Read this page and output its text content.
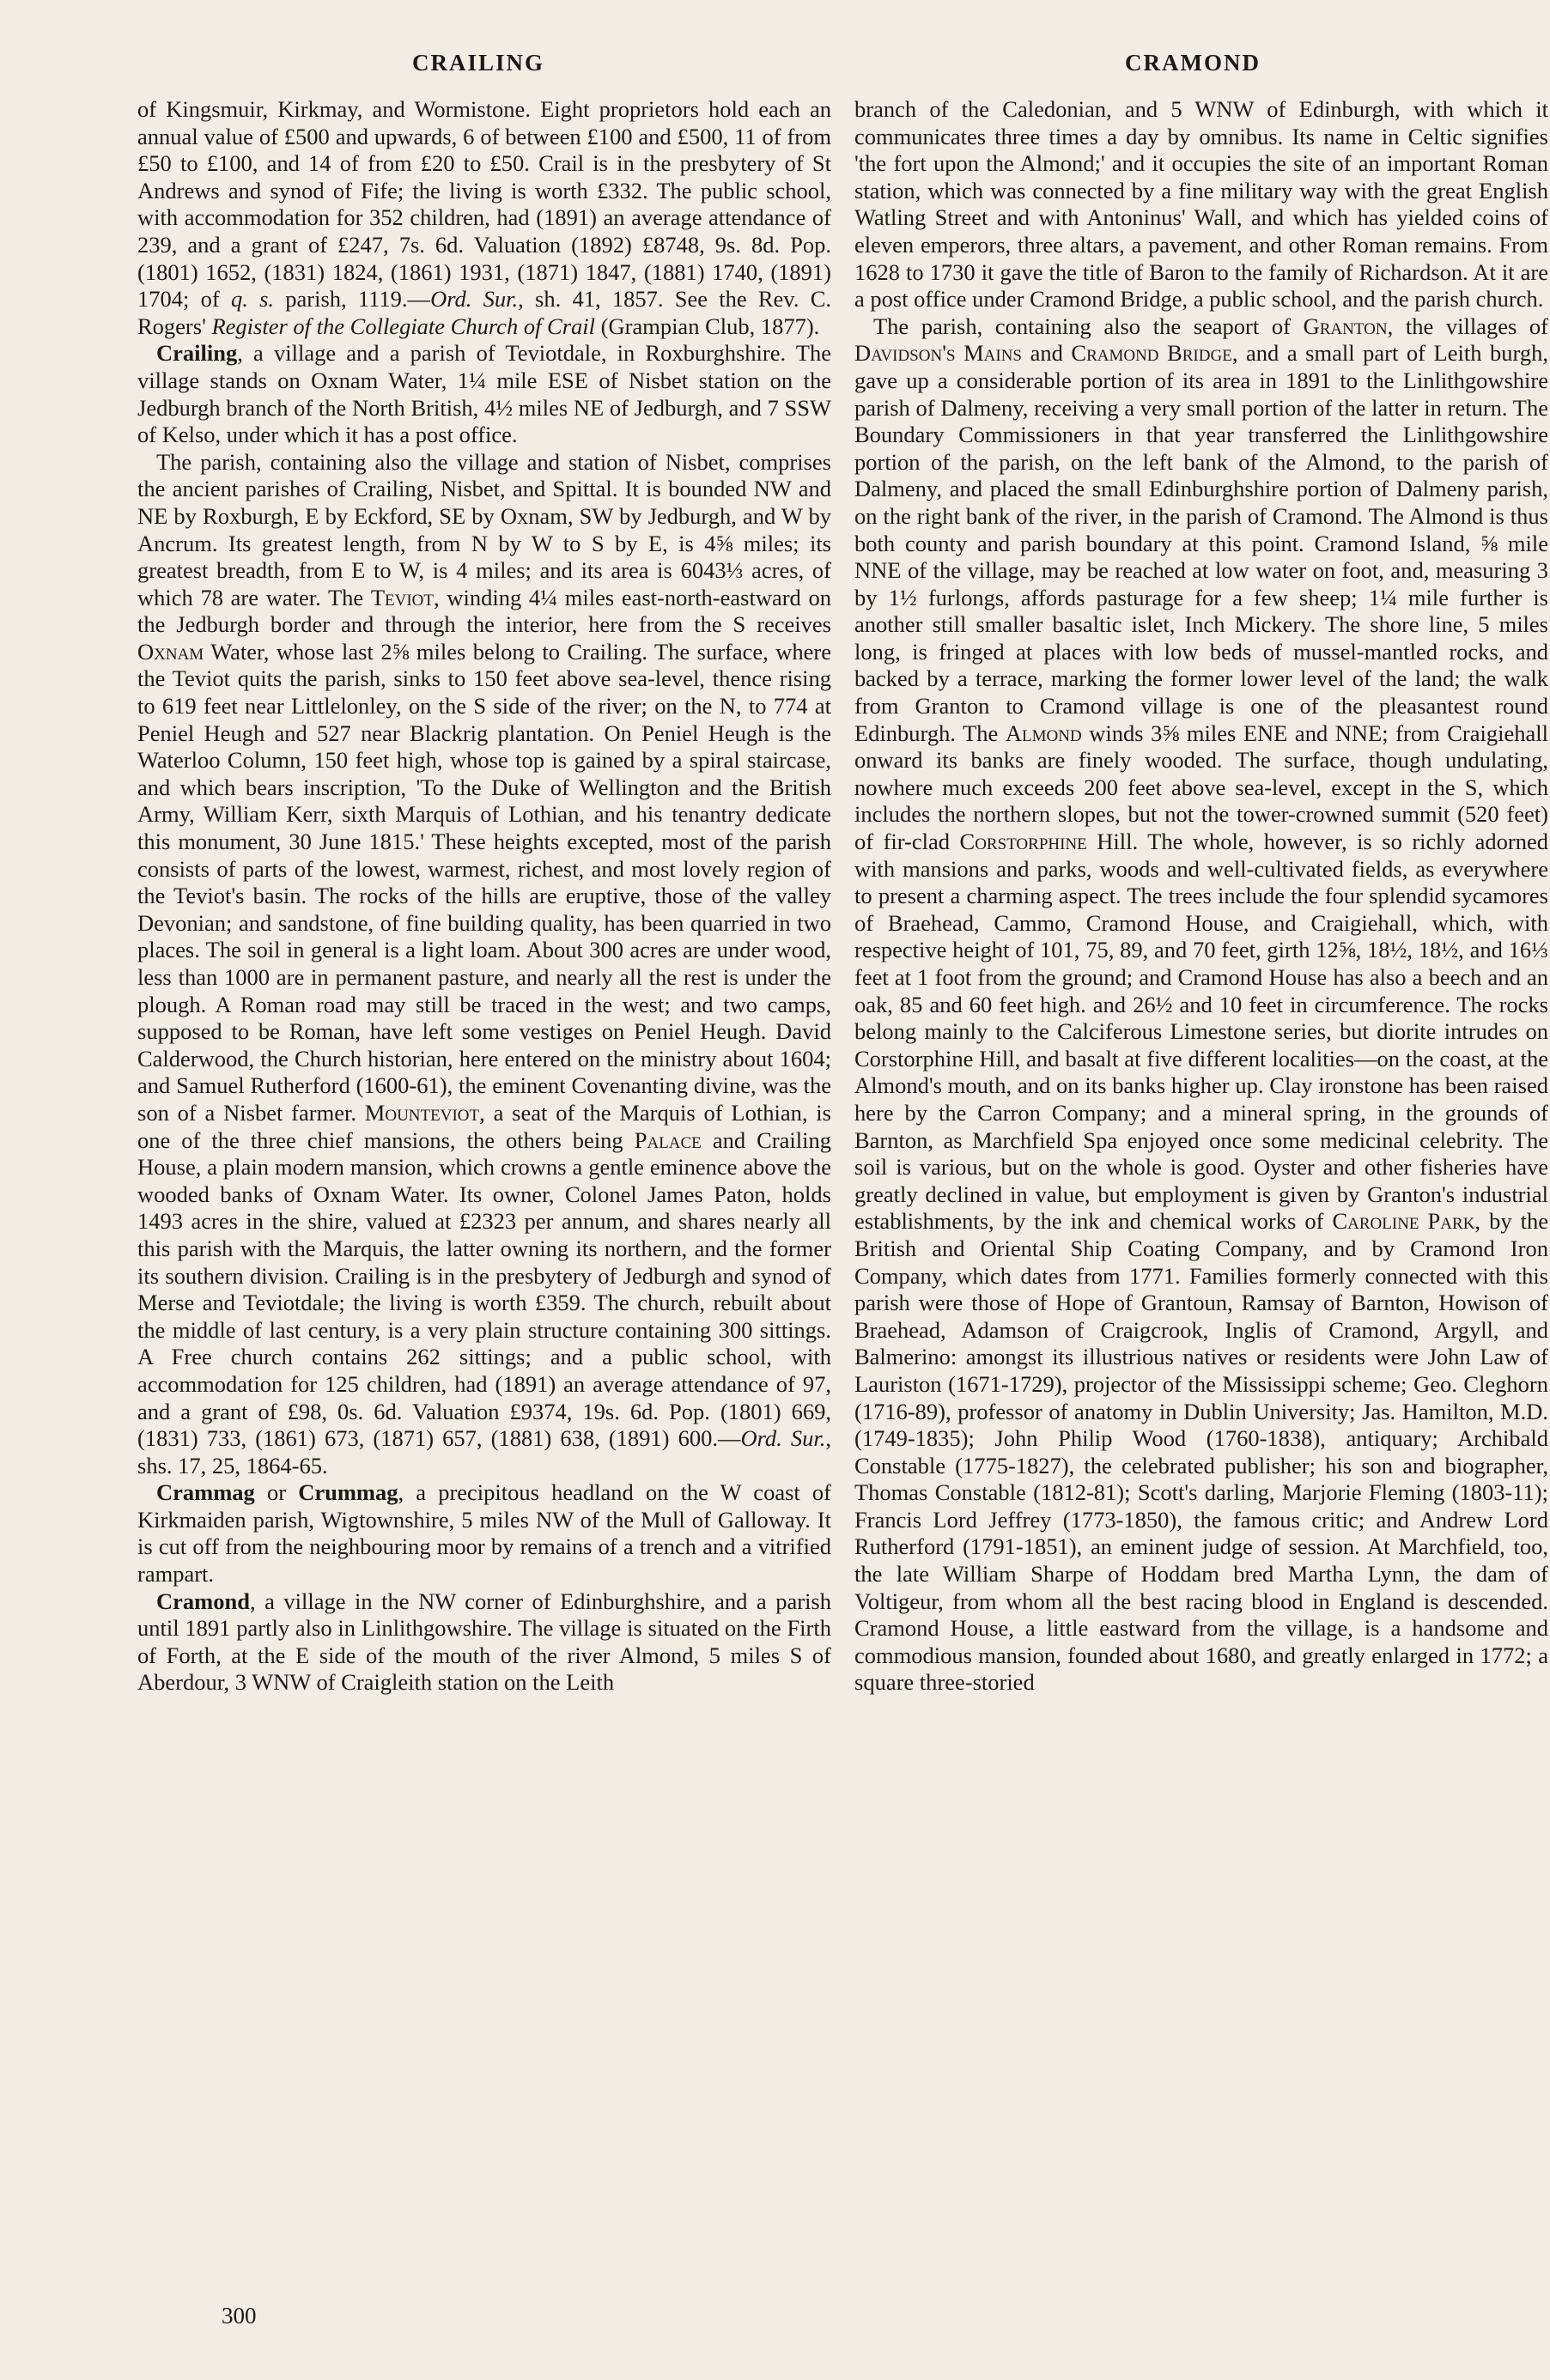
CRAILING	CRAMOND

of Kingsmuir, Kirkmay, and Wormistone. Eight proprietors hold each an annual value of £500 and upwards, 6 of between £100 and £500, 11 of from £50 to £100, and 14 of from £20 to £50. Crail is in the presbytery of St Andrews and synod of Fife; the living is worth £332. The public school, with accommodation for 352 children, had (1891) an average attendance of 239, and a grant of £247, 7s. 6d. Valuation (1892) £8748, 9s. 8d. Pop. (1801) 1652, (1831) 1824, (1861) 1931, (1871) 1847, (1881) 1740, (1891) 1704; of q. s. parish, 1119.—Ord. Sur., sh. 41, 1857. See the Rev. C. Rogers' Register of the Collegiate Church of Crail (Grampian Club, 1877).

Crailing, a village and a parish of Teviotdale, in Roxburghshire. The village stands on Oxnam Water, 1¼ mile ESE of Nisbet station on the Jedburgh branch of the North British, 4½ miles NE of Jedburgh, and 7 SSW of Kelso, under which it has a post office.

The parish, containing also the village and station of Nisbet, comprises the ancient parishes of Crailing, Nisbet, and Spittal. It is bounded NW and NE by Roxburgh, E by Eckford, SE by Oxnam, SW by Jedburgh, and W by Ancrum. Its greatest length, from N by W to S by E, is 4⅝ miles; its greatest breadth, from E to W, is 4 miles; and its area is 6043⅓ acres, of which 78 are water. The Teviot, winding 4¼ miles east-north-eastward on the Jedburgh border and through the interior, here from the S receives Oxnam Water, whose last 2⅝ miles belong to Crailing. The surface, where the Teviot quits the parish, sinks to 150 feet above sea-level, thence rising to 619 feet near Littlelonley, on the S side of the river; on the N, to 774 at Peniel Heugh and 527 near Blackrig plantation. On Peniel Heugh is the Waterloo Column, 150 feet high, whose top is gained by a spiral staircase, and which bears inscription, 'To the Duke of Wellington and the British Army, William Kerr, sixth Marquis of Lothian, and his tenantry dedicate this monument, 30 June 1815.' These heights excepted, most of the parish consists of parts of the lowest, warmest, richest, and most lovely region of the Teviot's basin. The rocks of the hills are eruptive, those of the valley Devonian; and sandstone, of fine building quality, has been quarried in two places. The soil in general is a light loam. About 300 acres are under wood, less than 1000 are in permanent pasture, and nearly all the rest is under the plough. A Roman road may still be traced in the west; and two camps, supposed to be Roman, have left some vestiges on Peniel Heugh. David Calderwood, the Church historian, here entered on the ministry about 1604; and Samuel Rutherford (1600-61), the eminent Covenanting divine, was the son of a Nisbet farmer. Mounteviot, a seat of the Marquis of Lothian, is one of the three chief mansions, the others being Palace and Crailing House, a plain modern mansion, which crowns a gentle eminence above the wooded banks of Oxnam Water. Its owner, Colonel James Paton, holds 1493 acres in the shire, valued at £2323 per annum, and shares nearly all this parish with the Marquis, the latter owning its northern, and the former its southern division. Crailing is in the presbytery of Jedburgh and synod of Merse and Teviotdale; the living is worth £359. The church, rebuilt about the middle of last century, is a very plain structure containing 300 sittings. A Free church contains 262 sittings; and a public school, with accommodation for 125 children, had (1891) an average attendance of 97, and a grant of £98, 0s. 6d. Valuation £9374, 19s. 6d. Pop. (1801) 669, (1831) 733, (1861) 673, (1871) 657, (1881) 638, (1891) 600.—Ord. Sur., shs. 17, 25, 1864-65.

Crammag or Crummag, a precipitous headland on the W coast of Kirkmaiden parish, Wigtownshire, 5 miles NW of the Mull of Galloway. It is cut off from the neighbouring moor by remains of a trench and a vitrified rampart.

Cramond, a village in the NW corner of Edinburghshire, and a parish until 1891 partly also in Linlithgowshire. The village is situated on the Firth of Forth, at the E side of the mouth of the river Almond, 5 miles S of Aberdour, 3 WNW of Craigleith station on the Leith

branch of the Caledonian, and 5 WNW of Edinburgh, with which it communicates three times a day by omnibus. Its name in Celtic signifies 'the fort upon the Almond;' and it occupies the site of an important Roman station, which was connected by a fine military way with the great English Watling Street and with Antoninus' Wall, and which has yielded coins of eleven emperors, three altars, a pavement, and other Roman remains. From 1628 to 1730 it gave the title of Baron to the family of Richardson. At it are a post office under Cramond Bridge, a public school, and the parish church.

The parish, containing also the seaport of Granton, the villages of Davidson's Mains and Cramond Bridge, and a small part of Leith burgh, gave up a considerable portion of its area in 1891 to the Linlithgowshire parish of Dalmeny, receiving a very small portion of the latter in return. The Boundary Commissioners in that year transferred the Linlithgowshire portion of the parish, on the left bank of the Almond, to the parish of Dalmeny, and placed the small Edinburghshire portion of Dalmeny parish, on the right bank of the river, in the parish of Cramond. The Almond is thus both county and parish boundary at this point. Cramond Island, ⅝ mile NNE of the village, may be reached at low water on foot, and, measuring 3 by 1½ furlongs, affords pasturage for a few sheep; 1¼ mile further is another still smaller basaltic islet, Inch Mickery. The shore line, 5 miles long, is fringed at places with low beds of mussel-mantled rocks, and backed by a terrace, marking the former lower level of the land; the walk from Granton to Cramond village is one of the pleasantest round Edinburgh. The Almond winds 3⅝ miles ENE and NNE; from Craigiehall onward its banks are finely wooded. The surface, though undulating, nowhere much exceeds 200 feet above sea-level, except in the S, which includes the northern slopes, but not the tower-crowned summit (520 feet) of fir-clad Corstorphine Hill. The whole, however, is so richly adorned with mansions and parks, woods and well-cultivated fields, as everywhere to present a charming aspect. The trees include the four splendid sycamores of Braehead, Cammo, Cramond House, and Craigiehall, which, with respective height of 101, 75, 89, and 70 feet, girth 12⅝, 18½, 18½, and 16⅓ feet at 1 foot from the ground; and Cramond House has also a beech and an oak, 85 and 60 feet high. and 26½ and 10 feet in circumference. The rocks belong mainly to the Calciferous Limestone series, but diorite intrudes on Corstorphine Hill, and basalt at five different localities—on the coast, at the Almond's mouth, and on its banks higher up. Clay ironstone has been raised here by the Carron Company; and a mineral spring, in the grounds of Barnton, as Marchfield Spa enjoyed once some medicinal celebrity. The soil is various, but on the whole is good. Oyster and other fisheries have greatly declined in value, but employment is given by Granton's industrial establishments, by the ink and chemical works of Caroline Park, by the British and Oriental Ship Coating Company, and by Cramond Iron Company, which dates from 1771. Families formerly connected with this parish were those of Hope of Grantoun, Ramsay of Barnton, Howison of Braehead, Adamson of Craigcrook, Inglis of Cramond, Argyll, and Balmerino: amongst its illustrious natives or residents were John Law of Lauriston (1671-1729), projector of the Mississippi scheme; Geo. Cleghorn (1716-89), professor of anatomy in Dublin University; Jas. Hamilton, M.D. (1749-1835); John Philip Wood (1760-1838), antiquary; Archibald Constable (1775-1827), the celebrated publisher; his son and biographer, Thomas Constable (1812-81); Scott's darling, Marjorie Fleming (1803-11); Francis Lord Jeffrey (1773-1850), the famous critic; and Andrew Lord Rutherford (1791-1851), an eminent judge of session. At Marchfield, too, the late William Sharpe of Hoddam bred Martha Lynn, the dam of Voltigeur, from whom all the best racing blood in England is descended. Cramond House, a little eastward from the village, is a handsome and commodious mansion, founded about 1680, and greatly enlarged in 1772; a square three-storied

300
